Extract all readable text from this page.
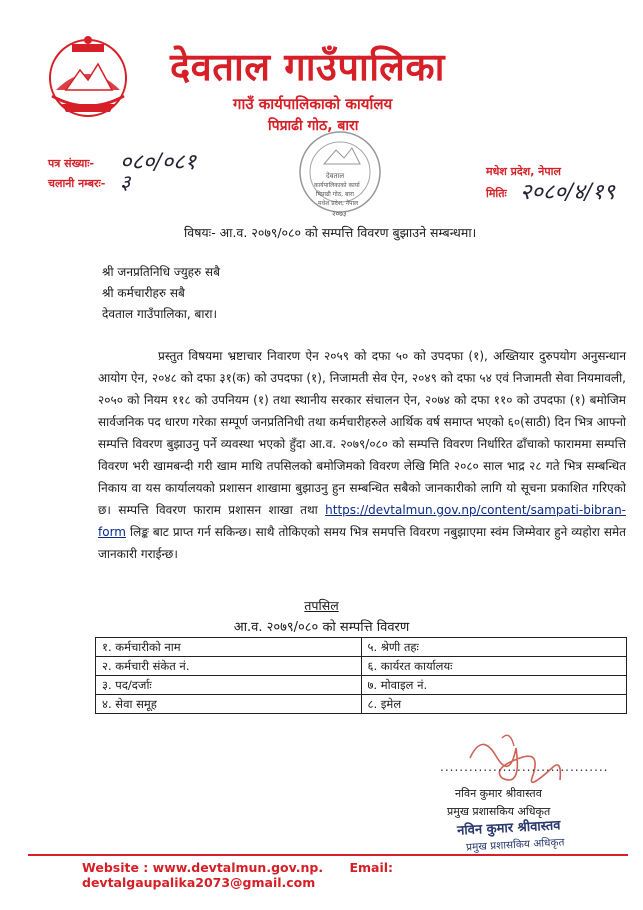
देवताल गाउँपालिका
गाउँ कार्यपालिकाको कार्यालय
पिप्राढी गोठ, बारा
पत्र संख्याः- ०८०/०८१
चलानी नम्बरः- ३	मधेश प्रदेश, नेपाल
मितिः २०८०/४/१९
देवताल
कार्यपालिकाको कार्या
पिप्राढी गोठ, बारा
मधेश प्रदेश, नेपाल
२०७३
विषयः- आ.व. २०७९/०८० को सम्पत्ति विवरण बुझाउने सम्बन्धमा।
श्री जनप्रतिनिधि ज्युहरु सबै
श्री कर्मचारीहरु सबै
देवताल गाउँपालिका, बारा।
प्रस्तुत विषयमा भ्रष्टाचार निवारण ऐन २०५९ को दफा ५० को उपदफा (१), अख्तियार दुरुपयोग अनुसन्धान आयोग ऐन, २०४८ को दफा ३१(क) को उपदफा (१), निजामती सेव ऐन, २०४९ को दफा ५४ एवं निजामती सेवा नियमावली, २०५० को नियम ११८ को उपनियम (१) तथा स्थानीय सरकार संचालन ऐन, २०७४ को दफा ११० को उपदफा (१) बमोजिम सार्वजनिक पद धारण गरेका सम्पूर्ण जनप्रतिनिधी तथा कर्मचारीहरुले आर्थिक वर्ष समाप्त भएको ६०(साठी) दिन भित्र आफ्नो सम्पत्ति विवरण बुझाउनु पर्ने व्यवस्था भएको हुँदा आ.व. २०७९/०८० को सम्पत्ति विवरण निर्धारित ढाँचाको फाराममा सम्पत्ति विवरण भरी खामबन्दी गरी खाम माथि तपसिलको बमोजिमको विवरण लेखि मिति २०८० साल भाद्र २८ गते भित्र सम्बन्धित निकाय वा यस कार्यालयको प्रशासन शाखामा बुझाउनु हुन सम्बन्धित सबैको जानकारीको लागि यो सूचना प्रकाशित गरिएको छ। सम्पत्ति विवरण फाराम प्रशासन शाखा तथा https://devtalmun.gov.np/content/sampati-bibran-form लिङ्क बाट प्राप्त गर्न सकिन्छ। साथै तोकिएको समय भित्र समपत्ति विवरण नबुझाएमा स्वंम जिम्मेवार हुने व्यहोरा समेत जानकारी गराईन्छ।
तपसिल
आ.व. २०७९/०८० को सम्पत्ति विवरण
१. कर्मचारीको नाम	५. श्रेणी तहः
२. कर्मचारी संकेत नं.	६. कार्यरत कार्यालयः
३. पद/दर्जाः	७. मोवाइल नं.
४. सेवा समूह	८. इमेल
...................................
नविन कुमार श्रीवास्तव
प्रमुख प्रशासकिय अधिकृत
नविन कुमार श्रीवास्तव
प्रमुख प्रशासकिय अधिकृत
Website : www.devtalmun.gov.np. Email: devtalgaupalika2073@gmail.com
